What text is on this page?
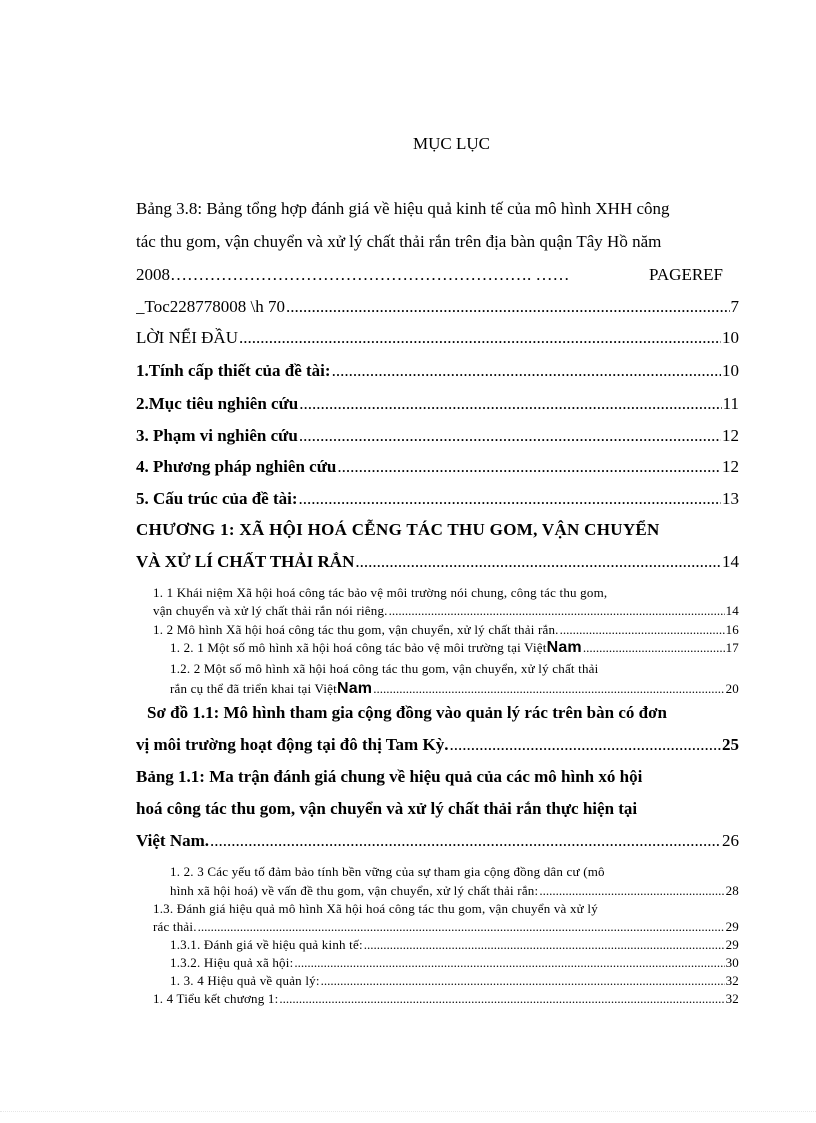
MỤC LỤC
Bảng 3.8: Bảng tổng hợp đánh giá về hiệu quả kinh tế của mô hình XHH công
tác thu gom, vận chuyển và xử lý chất thải rắn trên địa bàn quận Tây Hồ năm
2008………………………………………………………. ……	PAGEREF
_Toc228778008 \h 70 .....	7
LỜI NỂI ĐẦU .....	10
1.Tính cấp thiết của đề tài: .....	10
2.Mục tiêu nghiên cứu .....	11
3. Phạm vi nghiên cứu .....	12
4. Phương pháp nghiên cứu .....	12
5. Cấu trúc của đề tài: .....	13
CHƯƠNG 1: XÃ HỘI HOÁ CỄNG TÁC THU GOM, VẬN CHUYỂN
VÀ XỬ LÍ CHẤT THẢI RẮN .....	14
1. 1 Khái niệm Xã hội hoá công tác bảo vệ môi trường nói chung, công tác thu gom,
vận chuyển và xử lý chất thải rắn nói riêng. .....	14
1. 2 Mô hình Xã hội hoá công tác thu gom, vận chuyển, xử lý chất thải rắn. .....	16
1. 2. 1 Một số mô hình xã hội hoá công tác bảo vệ môi trường tại Việt Nam .....	17
1.2. 2 Một số mô hình xã hội hoá công tác thu gom, vận chuyển, xử lý chất thải
rắn cụ thể đã triển khai tại Việt Nam .....	20
Sơ đồ 1.1: Mô hình tham gia cộng đồng vào quản lý rác trên bàn có đơn
vị môi trường hoạt động tại đô thị Tam Kỳ. .....	25
Bảng 1.1: Ma trận đánh giá chung về hiệu quả của các mô hình xó hội
hoá công tác thu gom, vận chuyển và xử lý chất thải rắn thực hiện tại
Việt Nam. .....	26
1. 2. 3 Các yếu tố đảm bảo tính bền vững của sự tham gia cộng đồng dân cư (mô
hình xã hội hoá) về vấn đề thu gom, vận chuyển, xử lý chất thải rắn: .....	28
1.3. Đánh giá hiệu quả mô hình Xã hội hoá công tác thu gom, vận chuyển và xử lý
rác thải. .....	29
1.3.1. Đánh giá về hiệu quả kinh tế: .....	29
1.3.2. Hiệu quả xã hội: .....	30
1. 3. 4 Hiệu quả về quản lý: .....	32
1. 4 Tiểu kết chương 1: .....	32
